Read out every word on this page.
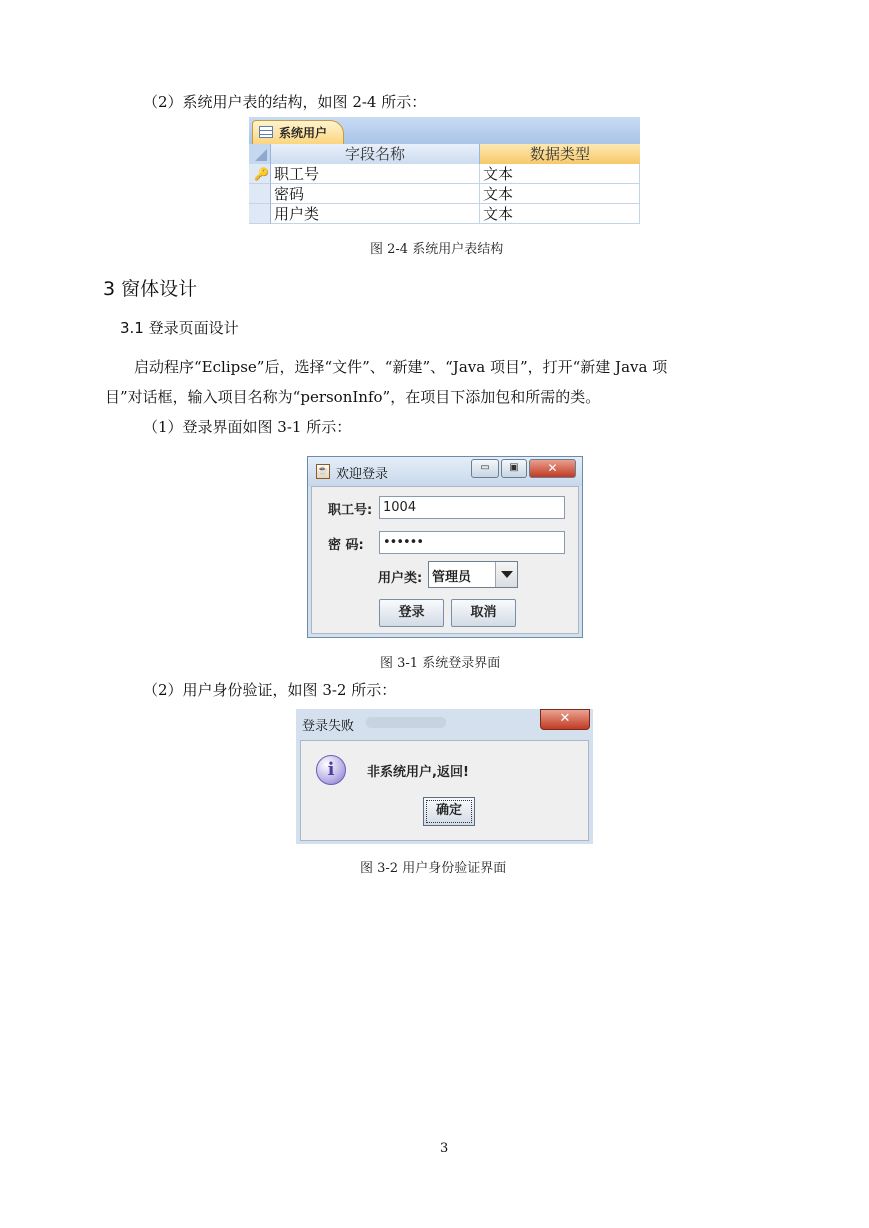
（2）系统用户表的结构，如图 2-4 所示：
系统用户
字段名称	数据类型
🔑 职工号	文本
密码	文本
用户类	文本
图 2-4 系统用户表结构
3 窗体设计
3.1 登录页面设计
启动程序“Eclipse”后，选择“文件”、“新建”、“Java 项目”，打开“新建 Java 项
目”对话框，输入项目名称为“personInfo”，在项目下添加包和所需的类。
（1）登录界面如图 3-1 所示：
☕ 欢迎登录	▭	▣	✕
职工号: 1004
密 码:	••••••
用户类: 管理员
登录	取消
图 3-1 系统登录界面
（2）用户身份验证，如图 3-2 所示：
登录失败
✕
i	非系统用户,返回!
确定
图 3-2 用户身份验证界面
3
